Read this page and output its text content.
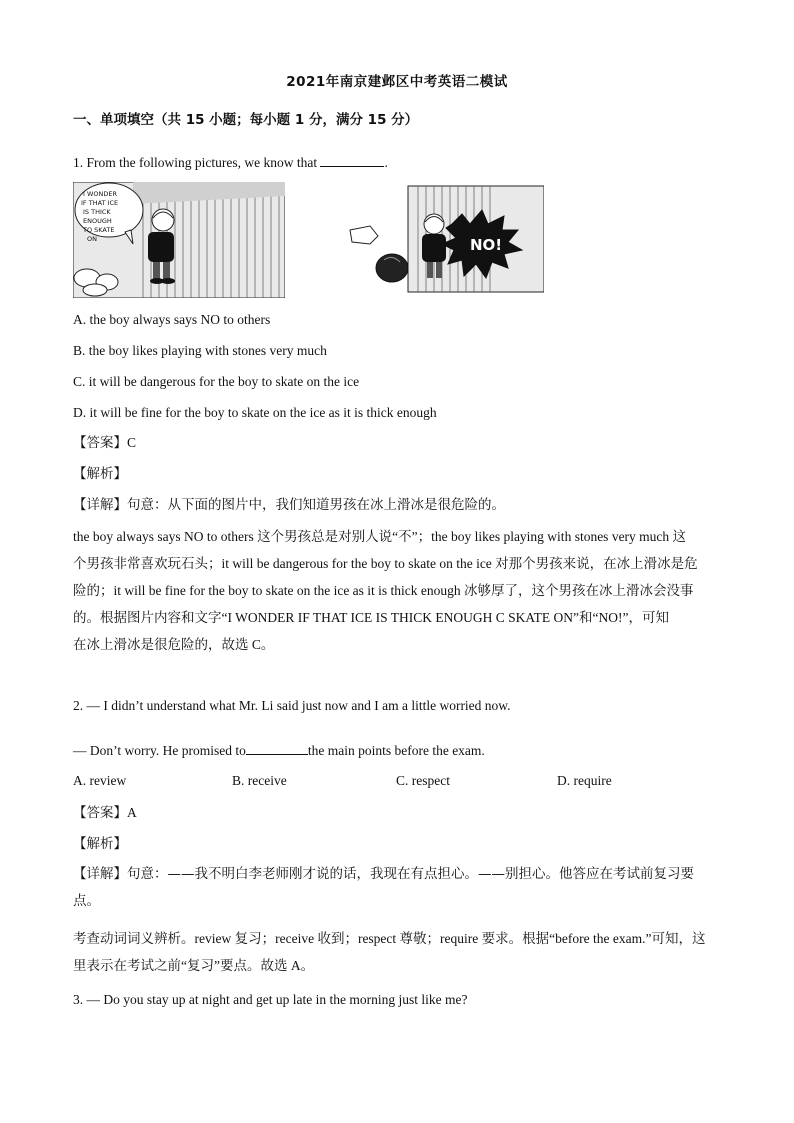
2021年南京建邺区中考英语二模试
一、单项填空（共 15 小题；每小题 1 分，满分 15 分）
1. From the following pictures, we know that	.
I WONDER
IF THAT ICE
IS THICK
ENOUGH
TO SKATE
ON	NO!
A. the boy always says NO to others
B. the boy likes playing with stones very much
C. it will be dangerous for the boy to skate on the ice
D. it will be fine for the boy to skate on the ice as it is thick enough
【答案】C
【解析】
【详解】句意：从下面的图片中，我们知道男孩在冰上滑冰是很危险的。
the boy always says NO to others 这个男孩总是对别人说“不”；the boy likes playing with stones very much 这
个男孩非常喜欢玩石头；it will be dangerous for the boy to skate on the ice 对那个男孩来说，在冰上滑冰是危
险的；it will be fine for the boy to skate on the ice as it is thick enough 冰够厚了，这个男孩在冰上滑冰会没事
的。根据图片内容和文字“I WONDER IF THAT ICE IS THICK ENOUGH C SKATE ON”和“NO!”，可知
在冰上滑冰是很危险的，故选 C。
2. — I didn’t understand what Mr. Li said just now and I am a little worried now.
— Don’t worry. He promised to	the main points before the exam.
A. review	B. receive	C. respect	D. require
【答案】A
【解析】
【详解】句意：——我不明白李老师刚才说的话，我现在有点担心。——别担心。他答应在考试前复习要
点。
考查动词词义辨析。review 复习；receive 收到；respect 尊敬；require 要求。根据“before the exam.”可知，这
里表示在考试之前“复习”要点。故选 A。
3. — Do you stay up at night and get up late in the morning just like me?
